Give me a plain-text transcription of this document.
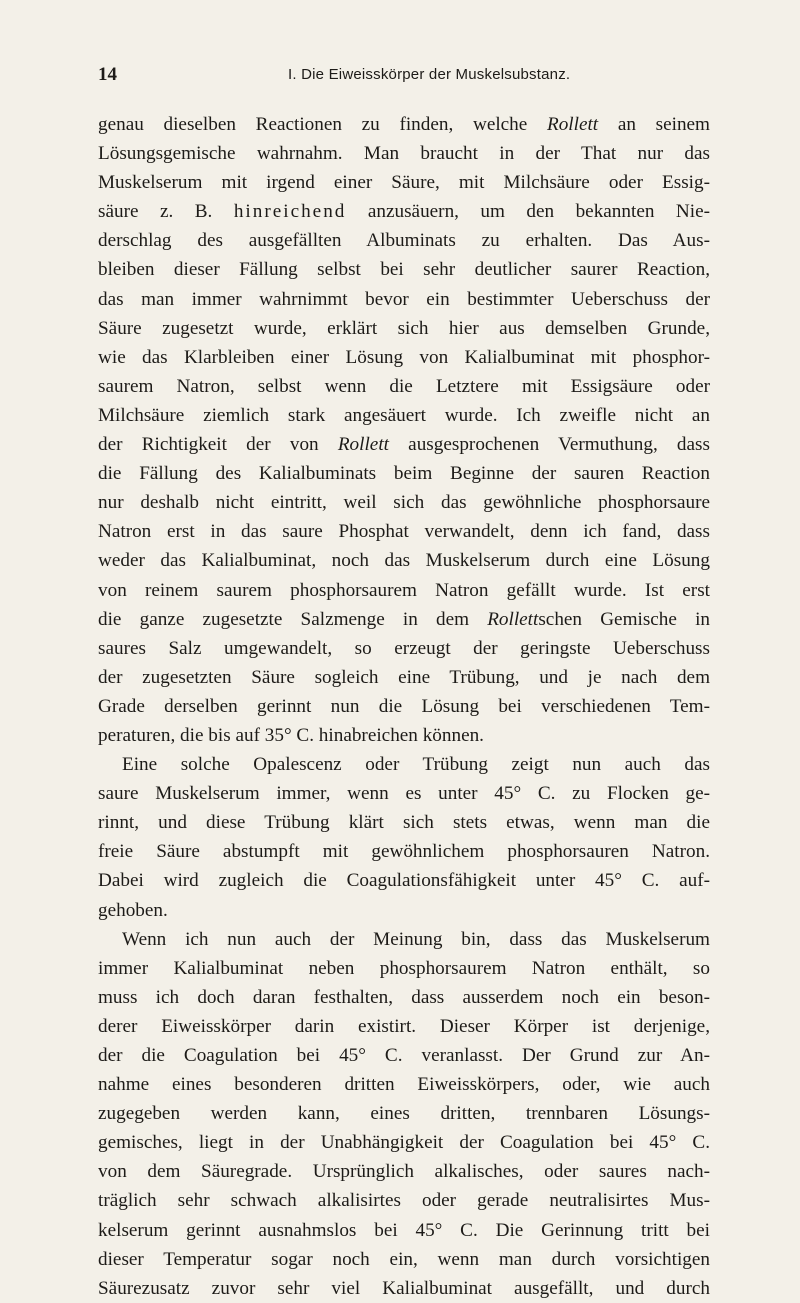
14	I. Die Eiweisskörper der Muskelsubstanz.
genau dieselben Reactionen zu finden, welche Rollett an seinem
Lösungsgemische wahrnahm. Man braucht in der That nur das
Muskelserum mit irgend einer Säure, mit Milchsäure oder Essig-
säure z. B. hinreichend anzusäuern, um den bekannten Nie-
derschlag des ausgefällten Albuminats zu erhalten. Das Aus-
bleiben dieser Fällung selbst bei sehr deutlicher saurer Reaction,
das man immer wahrnimmt bevor ein bestimmter Ueberschuss der
Säure zugesetzt wurde, erklärt sich hier aus demselben Grunde,
wie das Klarbleiben einer Lösung von Kalialbuminat mit phosphor-
saurem Natron, selbst wenn die Letztere mit Essigsäure oder
Milchsäure ziemlich stark angesäuert wurde. Ich zweifle nicht an
der Richtigkeit der von Rollett ausgesprochenen Vermuthung, dass
die Fällung des Kalialbuminats beim Beginne der sauren Reaction
nur deshalb nicht eintritt, weil sich das gewöhnliche phosphorsaure
Natron erst in das saure Phosphat verwandelt, denn ich fand, dass
weder das Kalialbuminat, noch das Muskelserum durch eine Lösung
von reinem saurem phosphorsaurem Natron gefällt wurde. Ist erst
die ganze zugesetzte Salzmenge in dem Rollettschen Gemische in
saures Salz umgewandelt, so erzeugt der geringste Ueberschuss
der zugesetzten Säure sogleich eine Trübung, und je nach dem
Grade derselben gerinnt nun die Lösung bei verschiedenen Tem-
peraturen, die bis auf 35° C. hinabreichen können.
Eine solche Opalescenz oder Trübung zeigt nun auch das
saure Muskelserum immer, wenn es unter 45° C. zu Flocken ge-
rinnt, und diese Trübung klärt sich stets etwas, wenn man die
freie Säure abstumpft mit gewöhnlichem phosphorsauren Natron.
Dabei wird zugleich die Coagulationsfähigkeit unter 45° C. auf-
gehoben.
Wenn ich nun auch der Meinung bin, dass das Muskelserum
immer Kalialbuminat neben phosphorsaurem Natron enthält, so
muss ich doch daran festhalten, dass ausserdem noch ein beson-
derer Eiweisskörper darin existirt. Dieser Körper ist derjenige,
der die Coagulation bei 45° C. veranlasst. Der Grund zur An-
nahme eines besonderen dritten Eiweisskörpers, oder, wie auch
zugegeben werden kann, eines dritten, trennbaren Lösungs-
gemisches, liegt in der Unabhängigkeit der Coagulation bei 45° C.
von dem Säuregrade. Ursprünglich alkalisches, oder saures nach-
träglich sehr schwach alkalisirtes oder gerade neutralisirtes Mus-
kelserum gerinnt ausnahmslos bei 45° C. Die Gerinnung tritt bei
dieser Temperatur sogar noch ein, wenn man durch vorsichtigen
Säurezusatz zuvor sehr viel Kalialbuminat ausgefällt, und durch
